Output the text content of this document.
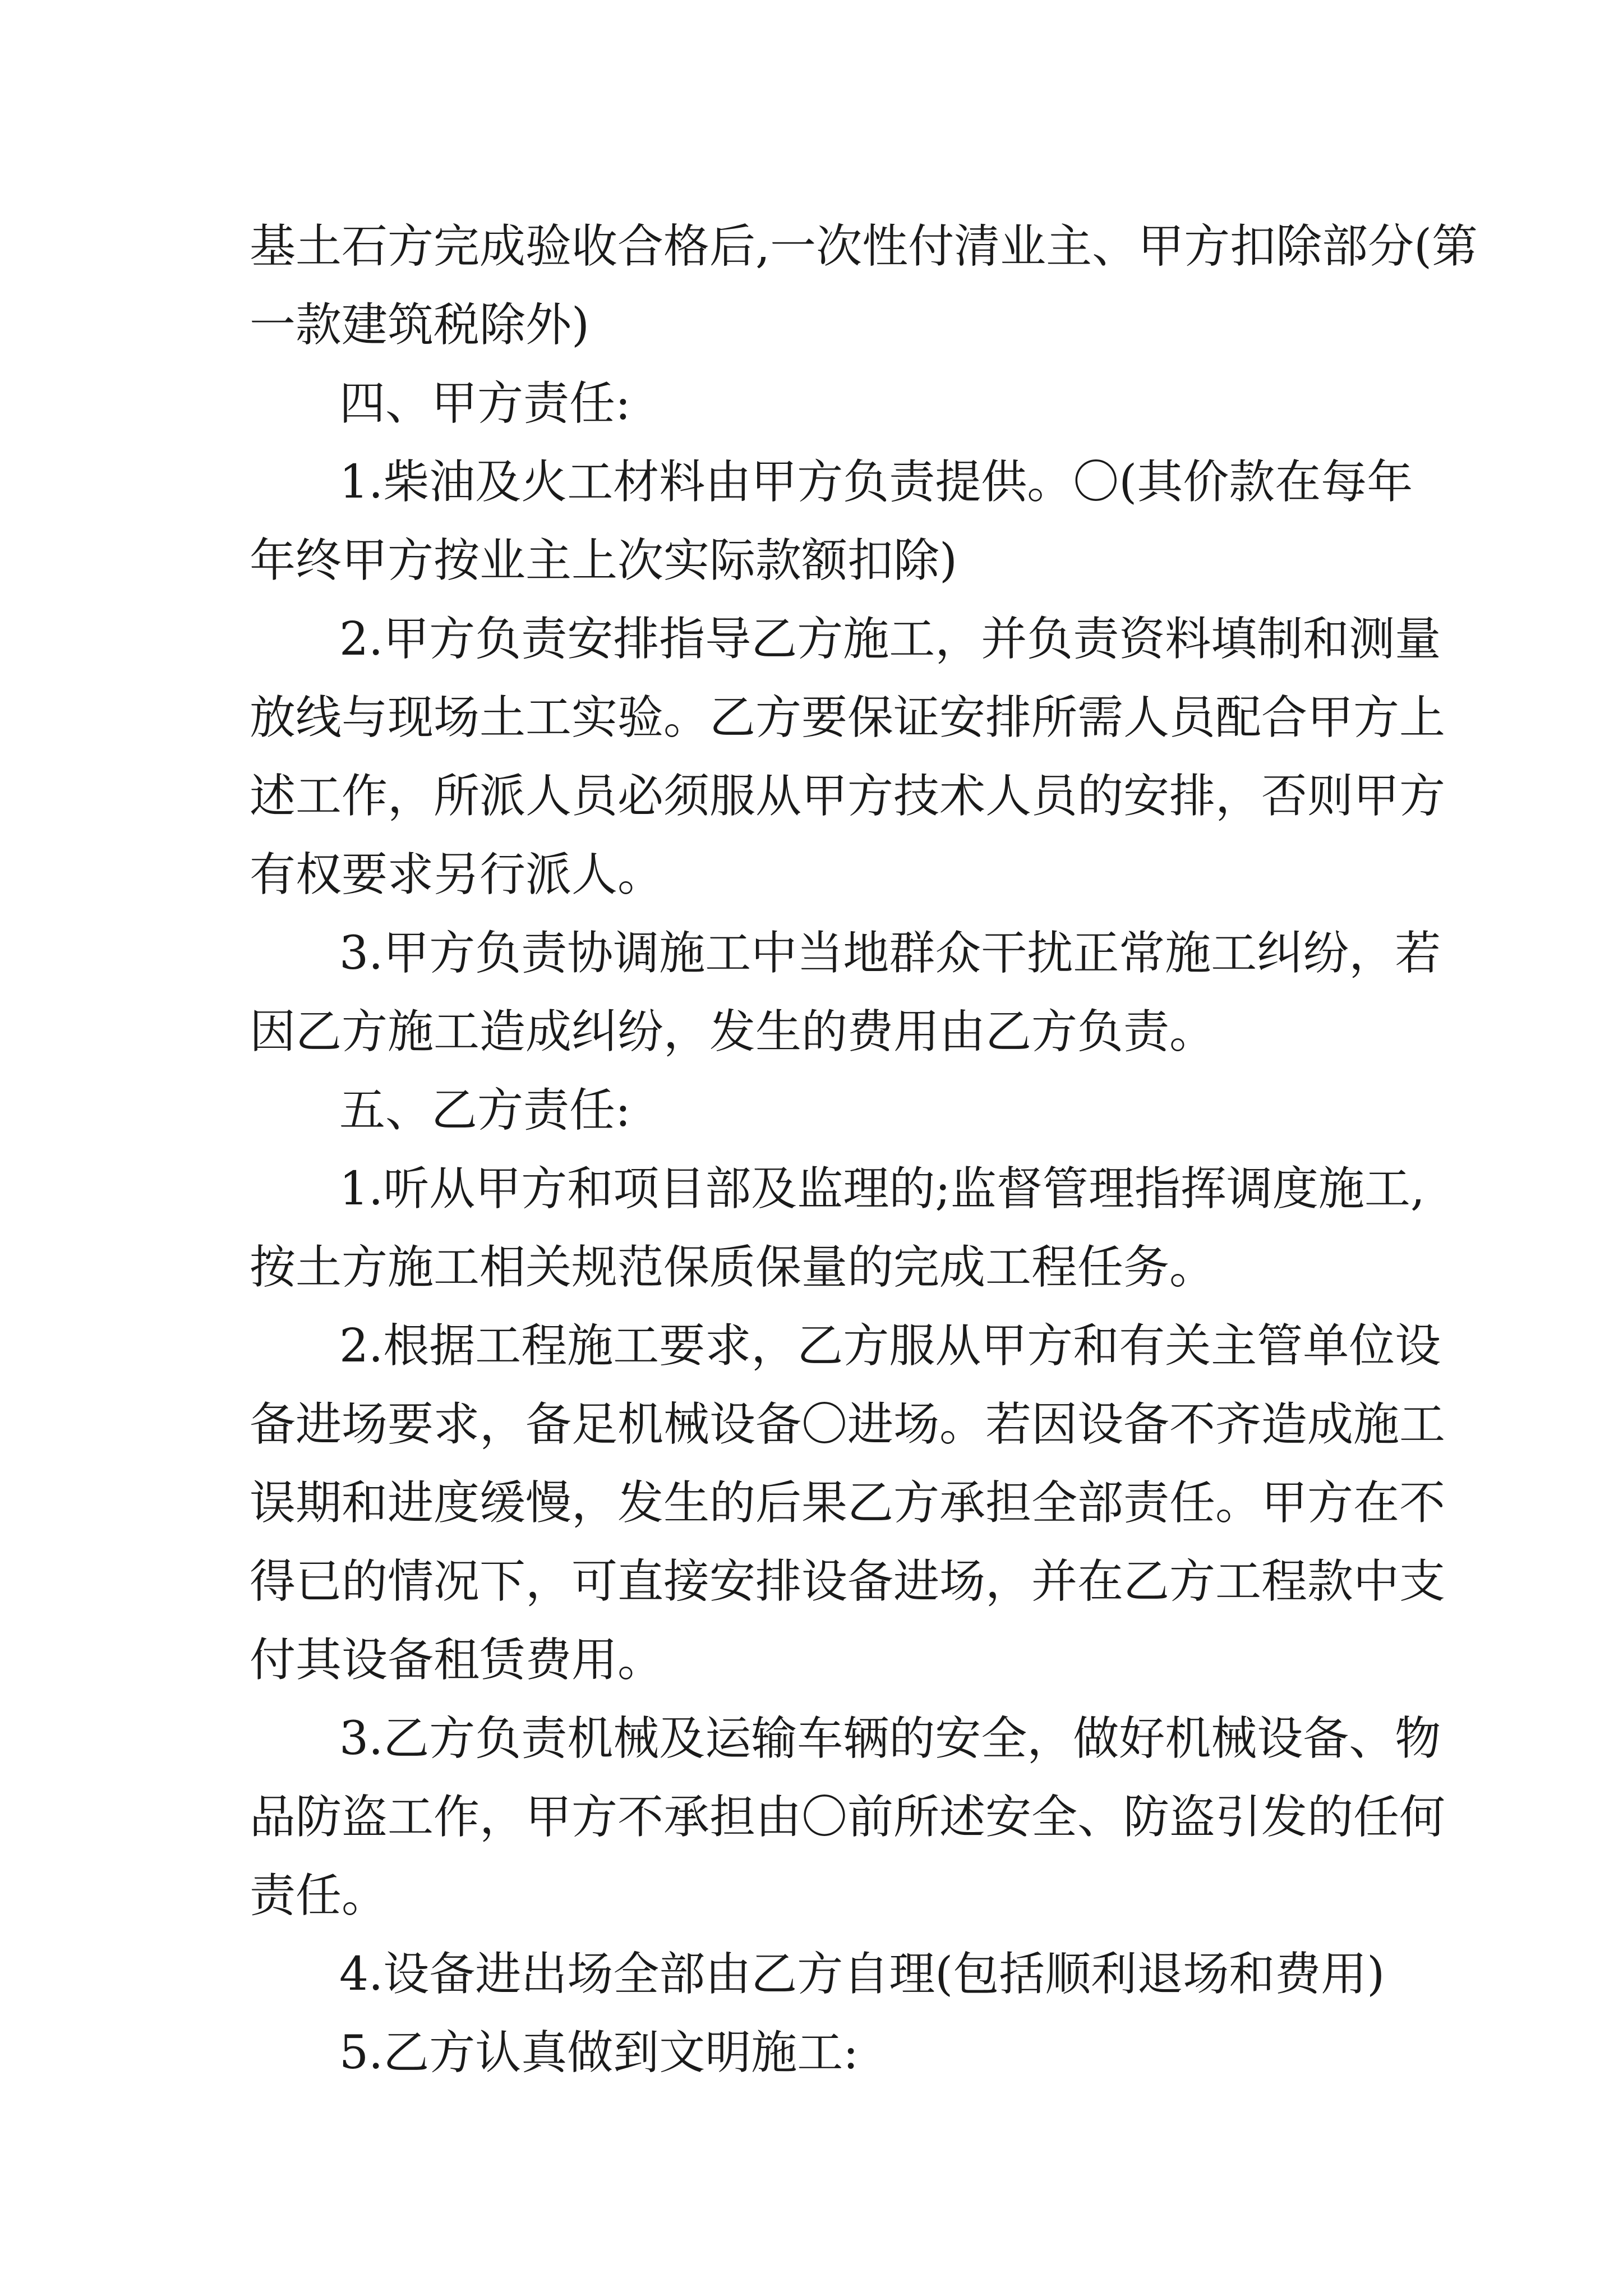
基土石方完成验收合格后,一次性付清业主、甲方扣除部分(第
一款建筑税除外)
四、甲方责任:
1.柴油及火工材料由甲方负责提供。〇(其价款在每年
年终甲方按业主上次实际款额扣除)
2.甲方负责安排指导乙方施工，并负责资料填制和测量
放线与现场土工实验。乙方要保证安排所需人员配合甲方上
述工作，所派人员必须服从甲方技术人员的安排，否则甲方
有权要求另行派人。
3.甲方负责协调施工中当地群众干扰正常施工纠纷，若
因乙方施工造成纠纷，发生的费用由乙方负责。
五、乙方责任:
1.听从甲方和项目部及监理的;监督管理指挥调度施工,
按土方施工相关规范保质保量的完成工程任务。
2.根据工程施工要求，乙方服从甲方和有关主管单位设
备进场要求，备足机械设备〇进场。若因设备不齐造成施工
误期和进度缓慢，发生的后果乙方承担全部责任。甲方在不
得已的情况下，可直接安排设备进场，并在乙方工程款中支
付其设备租赁费用。
3.乙方负责机械及运输车辆的安全，做好机械设备、物
品防盗工作，甲方不承担由〇前所述安全、防盗引发的任何
责任。
4.设备进出场全部由乙方自理(包括顺利退场和费用)
5.乙方认真做到文明施工:
